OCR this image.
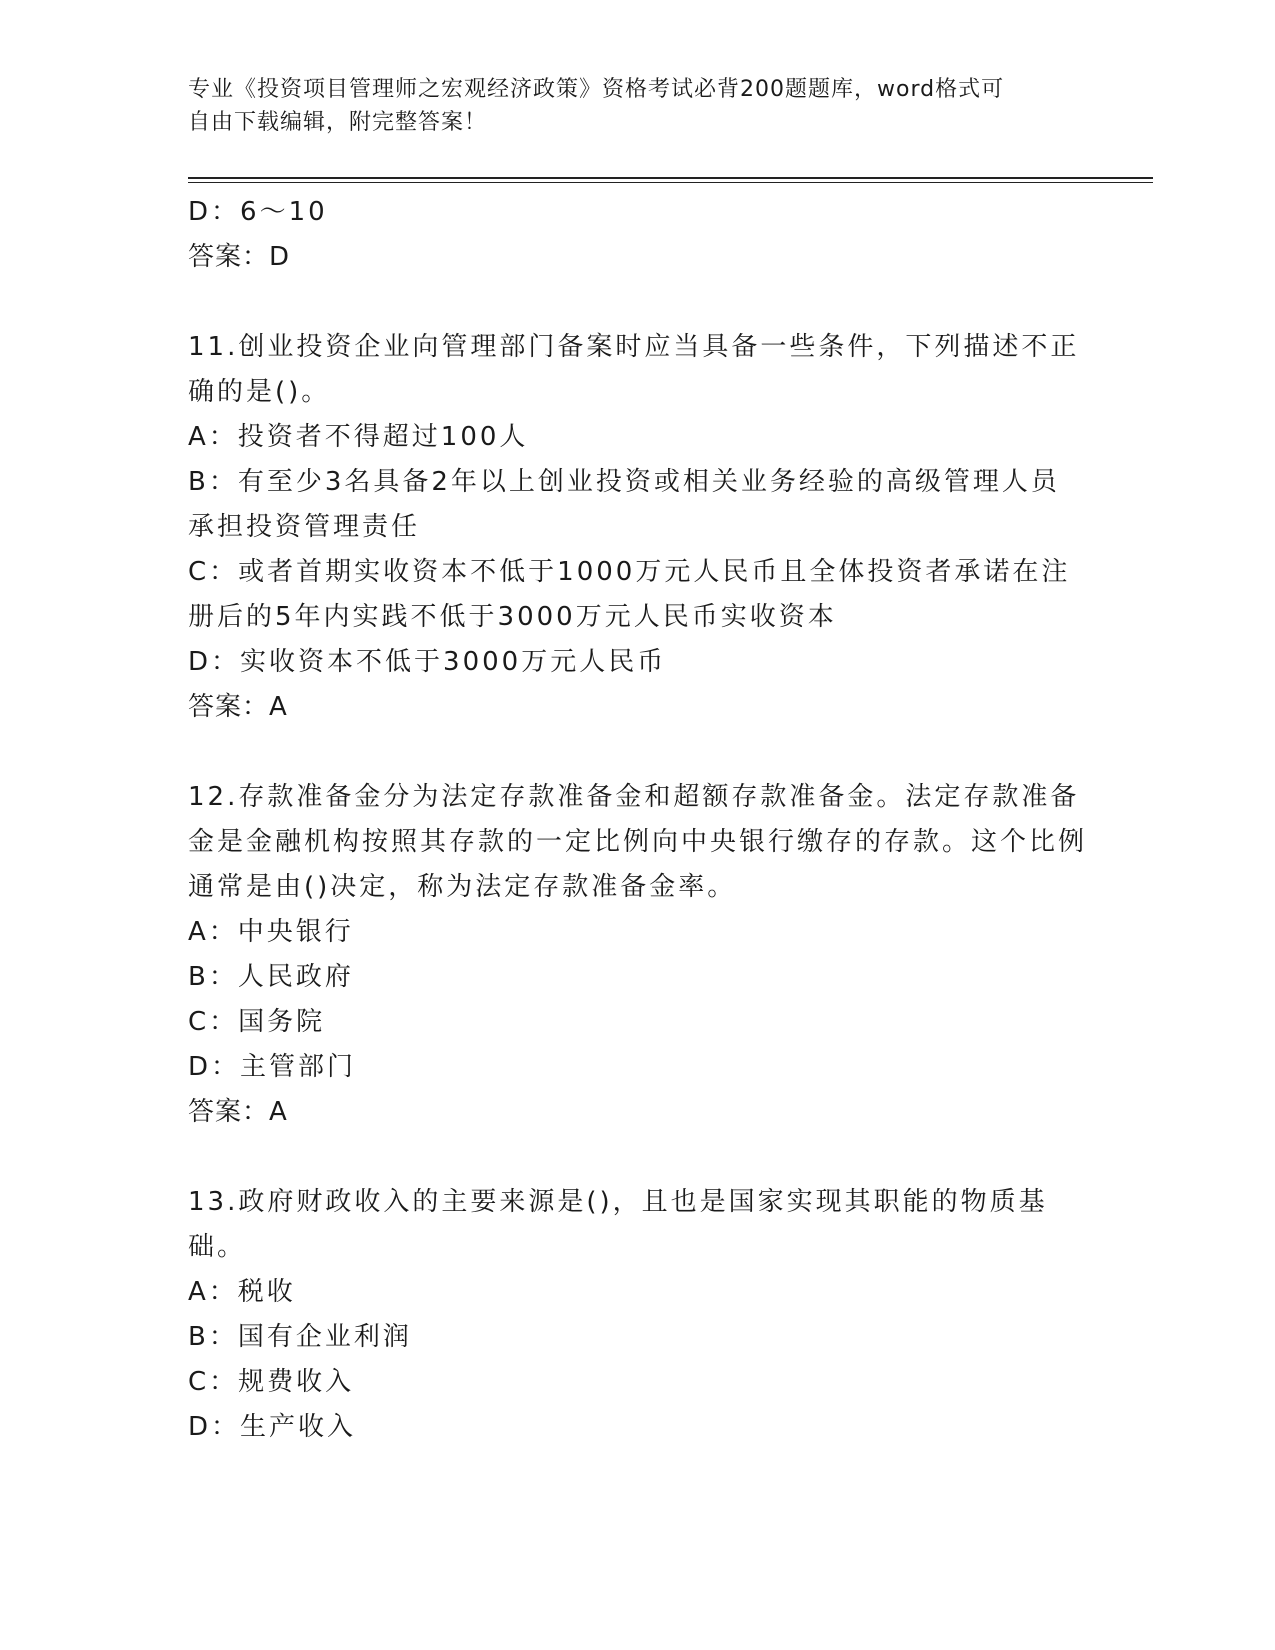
专业《投资项目管理师之宏观经济政策》资格考试必背200题题库，word格式可
自由下载编辑，附完整答案！

D：6～10

答案：D

11.创业投资企业向管理部门备案时应当具备一些条件，下列描述不正确的是()。

A：投资者不得超过100人

B：有至少3名具备2年以上创业投资或相关业务经验的高级管理人员承担投资管理责任

C：或者首期实收资本不低于1000万元人民币且全体投资者承诺在注册后的5年内实践不低于3000万元人民币实收资本

D：实收资本不低于3000万元人民币

答案：A

12.存款准备金分为法定存款准备金和超额存款准备金。法定存款准备金是金融机构按照其存款的一定比例向中央银行缴存的存款。这个比例通常是由()决定，称为法定存款准备金率。

A：中央银行

B：人民政府

C：国务院

D：主管部门

答案：A

13.政府财政收入的主要来源是()，且也是国家实现其职能的物质基础。

A：税收

B：国有企业利润

C：规费收入

D：生产收入
